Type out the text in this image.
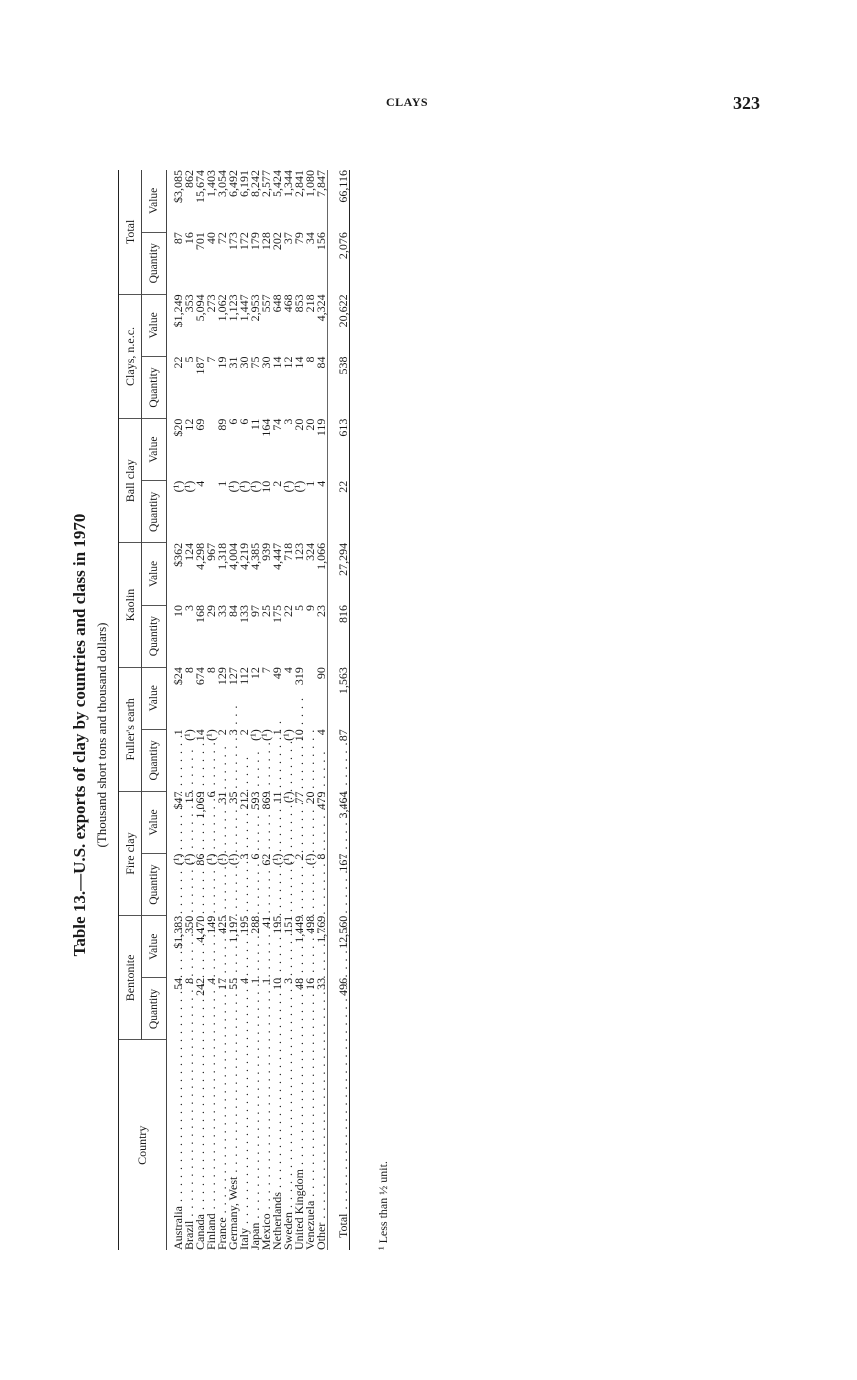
CLAYS	323
Table 13.—U.S. exports of clay by countries and class in 1970 (Thousand short tons and thousand dollars)
Country	Bentonite		Fire clay		Fuller's earth		Kaolin		Ball clay		Clays, n.e.c.		Total	
	Quantity	Value	Quantity	Value	Quantity	Value	Quantity	Value	Quantity	Value	Quantity	Value	Quantity	Value
Australia . . .	54	$1,383	(¹)	$47	1	$24	10	$362	(¹)	$20	22	$1,249	87	$3,085
Brazil . . .	8	350	(¹)	15	(¹)	8	3	124	(¹)	12	5	353	16	862
Canada . . .	242	4,470	86	1,069	14	674	168	4,298	4	69	187	5,094	701	15,674
Finland . . .	4	149	(¹)	6	(¹)	8	29	967			7	273	40	1,403
France . . .	17	425	(¹)	31	2	129	33	1,318	1	89	19	1,062	72	3,054
Germany, West . . .	55	1,197	(¹)	35	3	127	84	4,004	(¹)	6	31	1,123	173	6,492
Italy . . .	4	195	3	212	2	112	133	4,219	(¹)	6	30	1,447	172	6,191
Japan . . .	1	288	6	593	(¹)	12	97	4,385	(¹)	11	75	2,953	179	8,242
Mexico . . .	1	41	62	869	(¹)	7	25	939	10	164	30	557	128	2,577
Netherlands . . .	10	195	(¹)	11	1	49	175	4,447	2	74	14	648	202	5,424
Sweden . . .	3	151	(¹)	(¹)	(¹)	4	22	718	(¹)	3	12	468	37	1,344
United Kingdom . . .	48	1,449	2	77	10	319	5	123	(¹)	20	14	853	79	2,841
Venezuela . . .	16	498	(¹)	20			9	324	1	20	8	218	34	1,080
Other . . .	33	1,769	8	479	4	90	23	1,066	4	119	84	4,324	156	7,847
Total . . .	496	12,560	167	3,464	87	1,563	816	27,294	22	613	538	20,622	2,076	66,116

¹ Less than ½ unit.
